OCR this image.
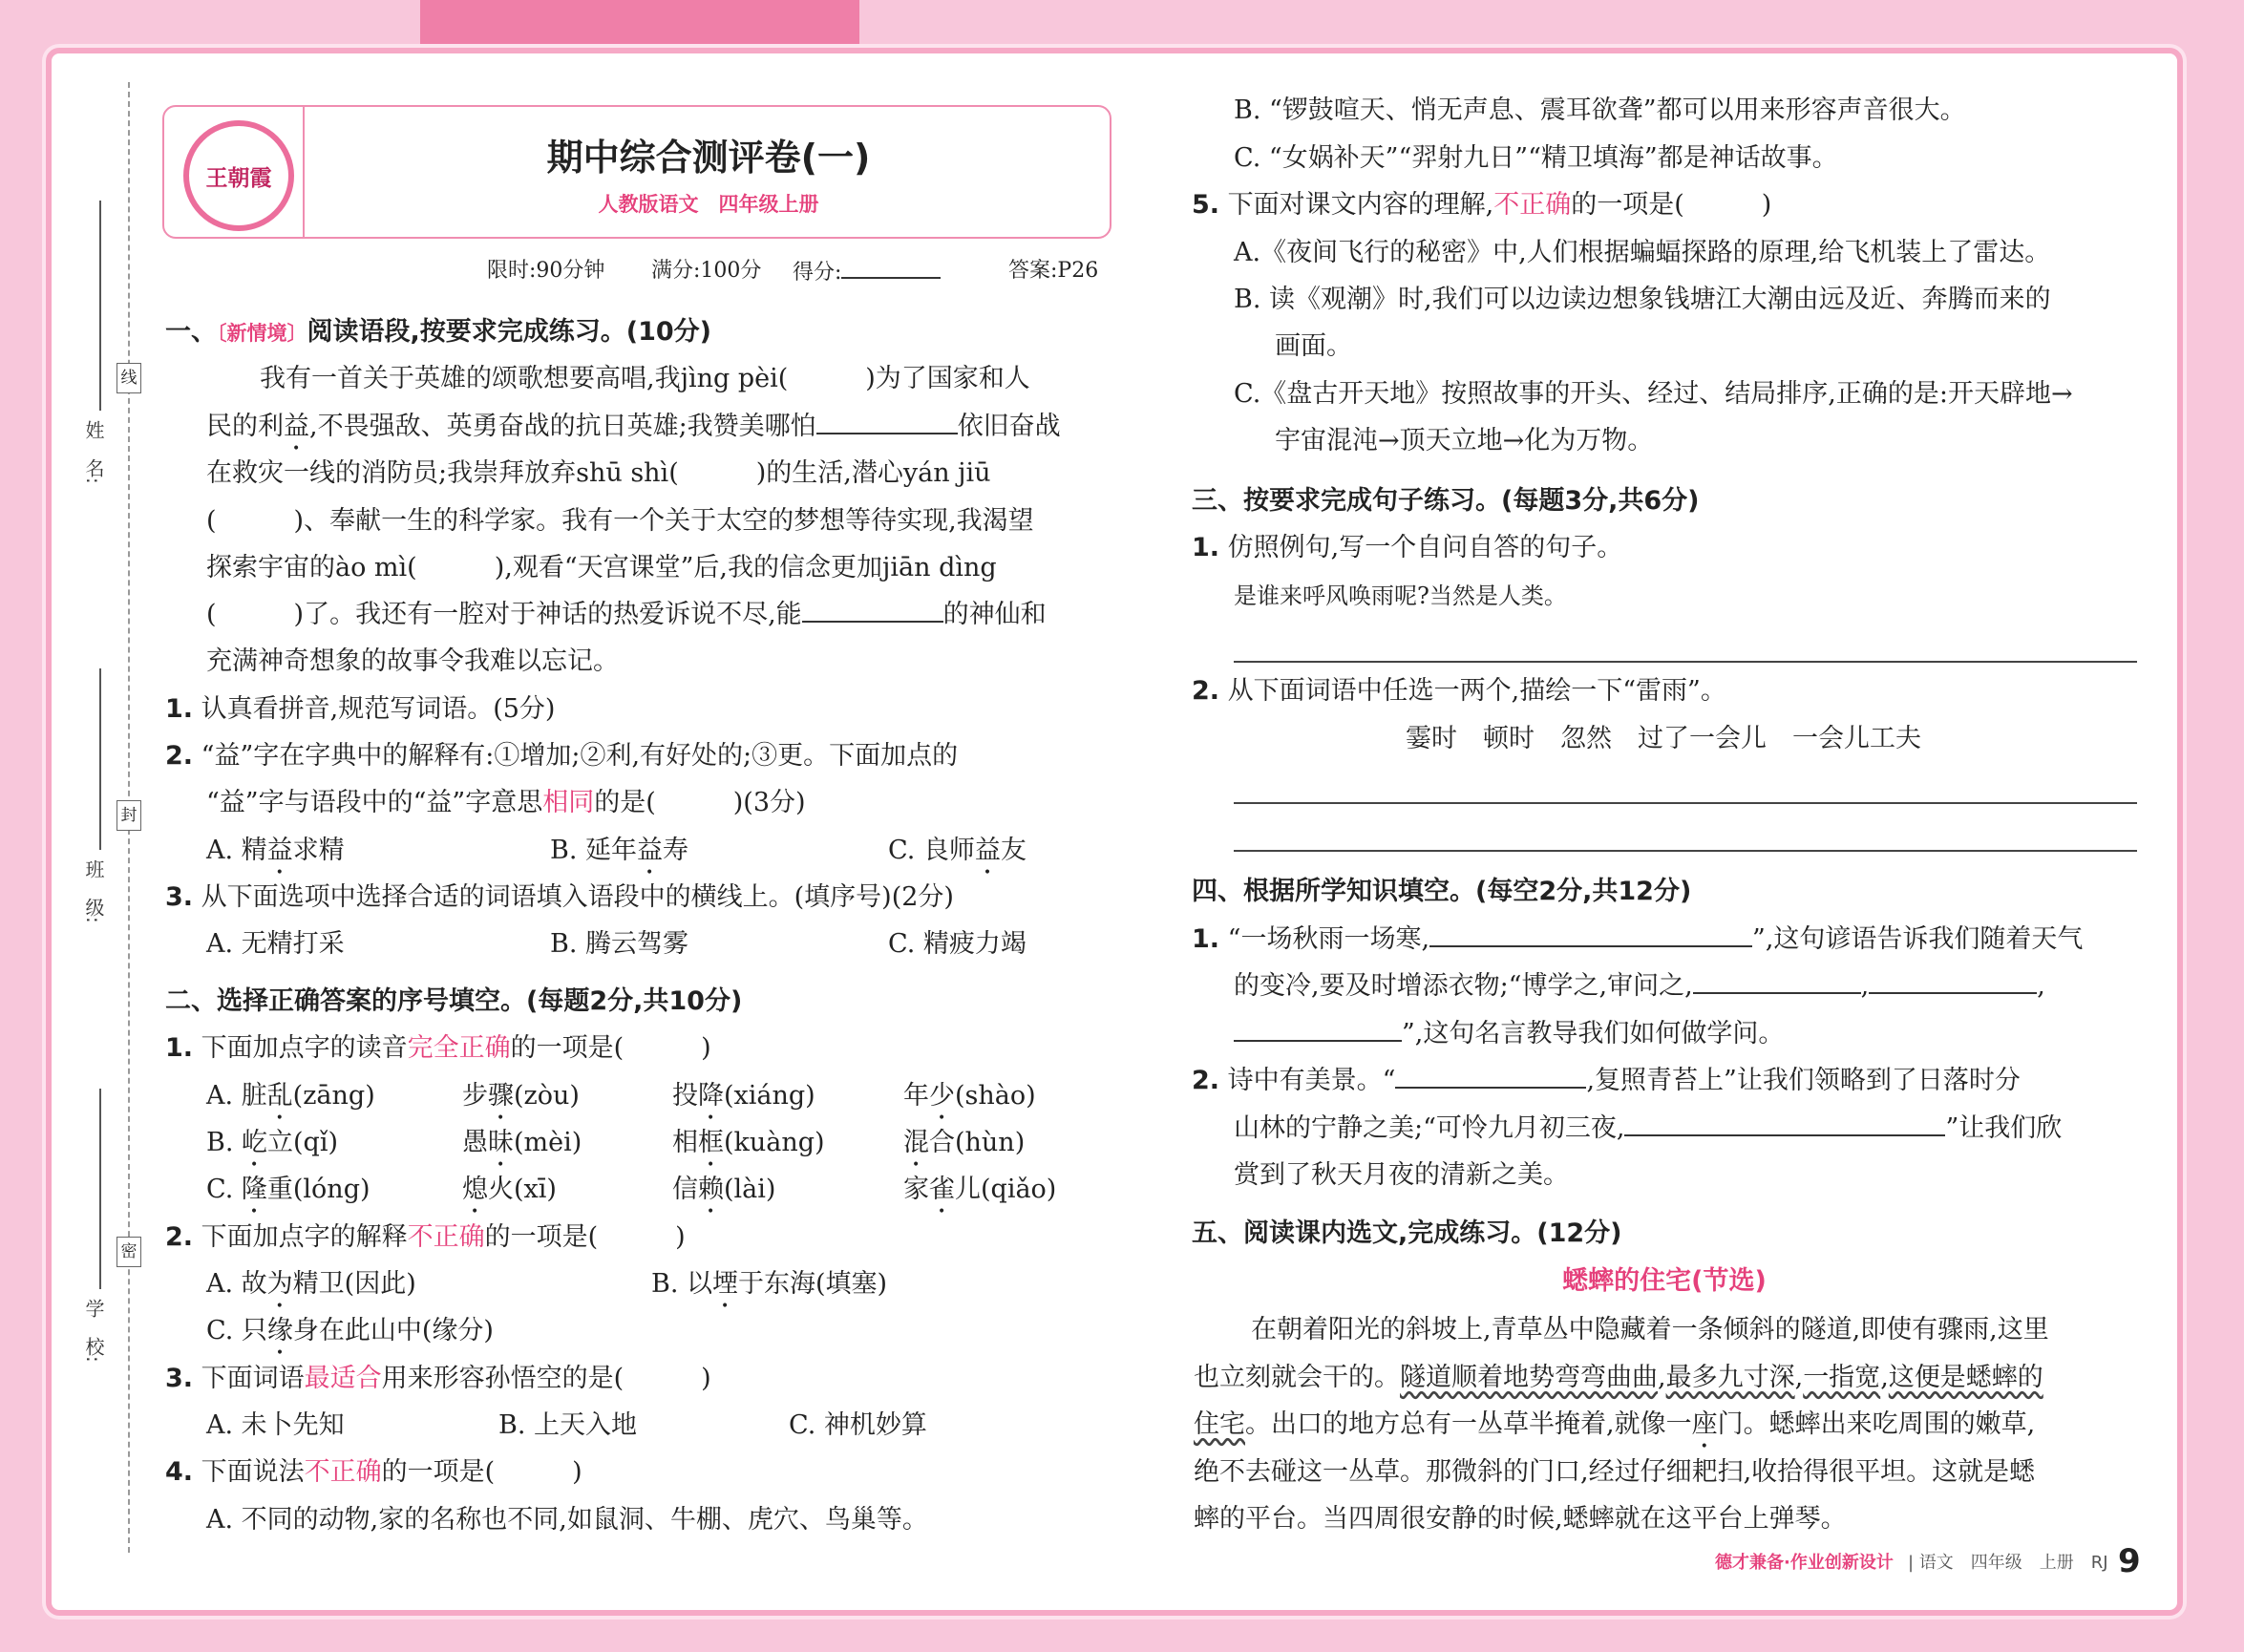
姓　名:
班　级:
学　校:
线
封
密
王朝霞	期中综合测评卷(一)
人教版语文　四年级上册
限时:90分钟 满分:100分 得分:	答案:P26
一、〔新情境〕阅读语段,按要求完成练习。(10分)
我有一首关于英雄的颂歌想要高唱,我jìng pèi(　　　)为了国家和人
民的利益,不畏强敌、英勇奋战的抗日英雄;我赞美哪怕	依旧奋战
在救灾一线的消防员;我崇拜放弃shū shì(　　　)的生活,潜心yán jiū
(　　　)、奉献一生的科学家。我有一个关于太空的梦想等待实现,我渴望
探索宇宙的ào mì(　　　),观看“天宫课堂”后,我的信念更加jiān dìng
(　　　)了。我还有一腔对于神话的热爱诉说不尽,能	的神仙和
充满神奇想象的故事令我难以忘记。
1. 认真看拼音,规范写词语。(5分)
2. “益”字在字典中的解释有:①增加;②利,有好处的;③更。下面加点的
“益”字与语段中的“益”字意思相同的是(　　　)(3分)
A. 精益求精	B. 延年益寿	C. 良师益友
3. 从下面选项中选择合适的词语填入语段中的横线上。(填序号)(2分)
A. 无精打采	B. 腾云驾雾	C. 精疲力竭
二、选择正确答案的序号填空。(每题2分,共10分)
1. 下面加点字的读音完全正确的一项是(　　　)
A. 脏乱(zāng)	步骤(zòu)	投降(xiáng)	年少(shào)
B. 屹立(qǐ)	愚昧(mèi)	相框(kuàng)	混合(hùn)
C. 隆重(lóng)	熄火(xī)	信赖(lài)	家雀儿(qiǎo)
2. 下面加点字的解释不正确的一项是(　　　)
A. 故为精卫(因此)	B. 以堙于东海(填塞)
C. 只缘身在此山中(缘分)
3. 下面词语最适合用来形容孙悟空的是(　　　)
A. 未卜先知	B. 上天入地	C. 神机妙算
4. 下面说法不正确的一项是(　　　)
A. 不同的动物,家的名称也不同,如鼠洞、牛棚、虎穴、鸟巢等。
B. “锣鼓喧天、悄无声息、震耳欲聋”都可以用来形容声音很大。
C. “女娲补天”“羿射九日”“精卫填海”都是神话故事。
5. 下面对课文内容的理解,不正确的一项是(　　　)
A.《夜间飞行的秘密》中,人们根据蝙蝠探路的原理,给飞机装上了雷达。
B. 读《观潮》时,我们可以边读边想象钱塘江大潮由远及近、奔腾而来的
画面。
C.《盘古开天地》按照故事的开头、经过、结局排序,正确的是:开天辟地→
宇宙混沌→顶天立地→化为万物。
三、按要求完成句子练习。(每题3分,共6分)
1. 仿照例句,写一个自问自答的句子。
是谁来呼风唤雨呢?当然是人类。
2. 从下面词语中任选一两个,描绘一下“雷雨”。
霎时　顿时　忽然　过了一会儿　一会儿工夫
四、根据所学知识填空。(每空2分,共12分)
1. “一场秋雨一场寒,	”,这句谚语告诉我们随着天气
的变冷,要及时增添衣物;“博学之,审问之,	,	,
”,这句名言教导我们如何做学问。
2. 诗中有美景。“	,复照青苔上”让我们领略到了日落时分
山林的宁静之美;“可怜九月初三夜,	”让我们欣
赏到了秋天月夜的清新之美。
五、阅读课内选文,完成练习。(12分)
蟋蟀的住宅(节选)
在朝着阳光的斜坡上,青草丛中隐藏着一条倾斜的隧道,即使有骤雨,这里
也立刻就会干的。隧道顺着地势弯弯曲曲,最多九寸深,一指宽,这便是蟋蟀的
住宅。出口的地方总有一丛草半掩着,就像一座门。蟋蟀出来吃周围的嫩草,
绝不去碰这一丛草。那微斜的门口,经过仔细耙扫,收拾得很平坦。这就是蟋
蟀的平台。当四周很安静的时候,蟋蟀就在这平台上弹琴。
德才兼备·作业创新设计 | 语文　四年级　上册　RJ 9
